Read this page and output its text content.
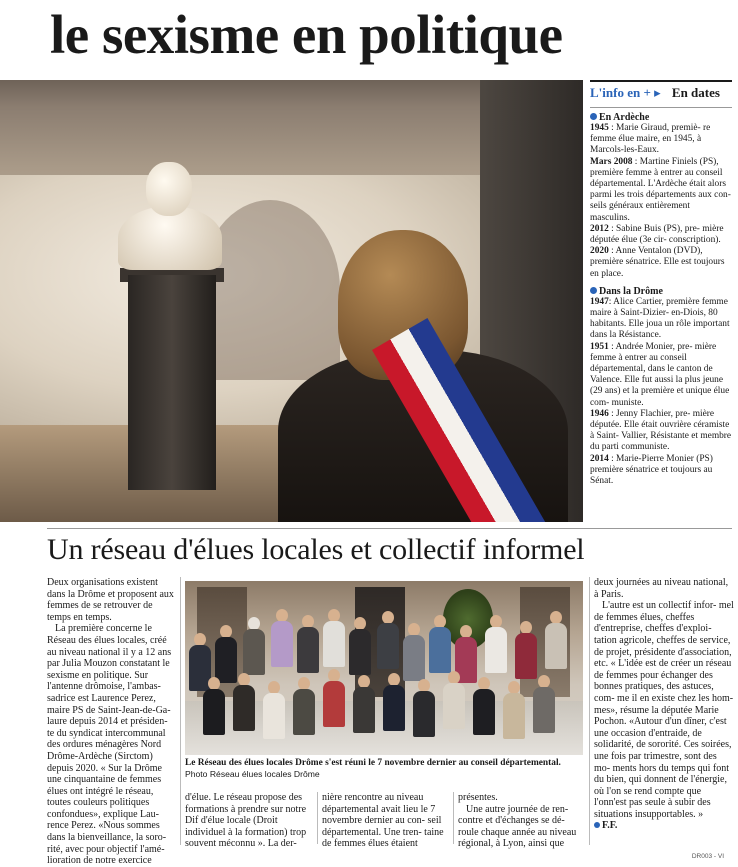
le sexisme en politique
L'info en + ▸ En dates
En Ardèche

1945 : Marie Giraud, premiè- re femme élue maire, en 1945, à Marcols-les-Eaux.

Mars 2008 : Martine Finiels (PS), première femme à entrer au conseil départemental. L'Ardèche était alors parmi les trois départements aux con- seils généraux entièrement masculins.

2012 : Sabine Buis (PS), pre- mière députée élue (3e cir- conscription).

2020 : Anne Ventalon (DVD), première sénatrice. Elle est toujours en place.

Dans la Drôme

1947: Alice Cartier, première femme maire à Saint-Dizier- en-Diois, 80 habitants. Elle joua un rôle important dans la Résistance.

1951 : Andrée Monier, pre- mière femme à entrer au conseil départemental, dans le canton de Valence. Elle fut aussi la plus jeune (29 ans) et la première et unique élue com- muniste.

1946 : Jenny Flachier, pre- mière députée. Elle était ouvrière céramiste à Saint- Vallier, Résistante et membre du parti communiste.

2014 : Marie-Pierre Monier (PS) première sénatrice et toujours au Sénat.

Un réseau d'élues locales et collectif informel

Deux organisations existent dans la Drôme et proposent aux femmes de se retrouver de temps en temps.

La première concerne le Réseau des élues locales, créé au niveau national il y a 12 ans par Julia Mouzon constatant le sexisme en politique. Sur l'antenne drômoise, l'ambas- sadrice est Laurence Perez, maire PS de Saint-Jean-de-Ga- laure depuis 2014 et présiden- te du syndicat intercommunal des ordures ménagères Nord Drôme-Ardèche (Sirctom) depuis 2020. « Sur la Drôme une cinquantaine de femmes élues ont intégré le réseau, toutes couleurs politiques confondues», explique Lau- rence Perez. «Nous sommes dans la bienveillance, la soro- rité, avec pour objectif l'amé- lioration de notre exercice

Le Réseau des élues locales Drôme s'est réuni le 7 novembre dernier au conseil départemental. Photo Réseau élues locales Drôme

d'élue. Le réseau propose des formations à prendre sur notre Dif d'élue locale (Droit individuel à la formation) trop souvent méconnu ». La der-

nière rencontre au niveau départemental avait lieu le 7 novembre dernier au con- seil départemental. Une tren- taine de femmes élues étaient

présentes.

Une autre journée de ren- contre et d'échanges se dé- roule chaque année au niveau régional, à Lyon, ainsi que

deux journées au niveau national, à Paris.

L'autre est un collectif infor- mel de femmes élues, cheffes d'entreprise, cheffes d'exploi- tation agricole, cheffes de service, de projet, présidente d'association, etc. « L'idée est de créer un réseau de femmes pour échanger des bonnes pratiques, des astuces, com- me il en existe chez les hom- mes», résume la députée Marie Pochon. «Autour d'un dîner, c'est une occasion d'entraide, de solidarité, de sororité. Ces soirées, une fois par trimestre, sont des mo- ments hors du temps qui font du bien, qui donnent de l'énergie, où l'on se rend compte que l'onn'est pas seule à subir des situations insupportables. »

F.F.

DR003 - VI
